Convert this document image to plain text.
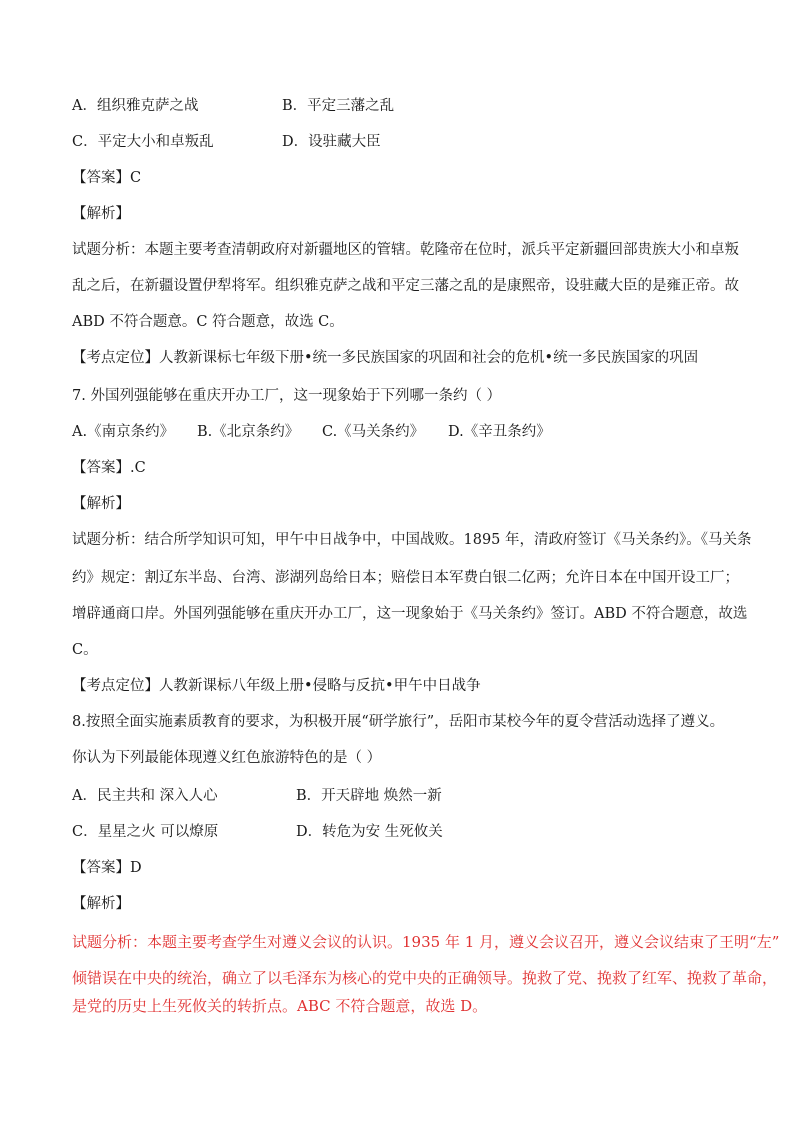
A．组织雅克萨之战	B．平定三藩之乱
C．平定大小和卓叛乱	D．设驻藏大臣
【答案】C
【解析】
试题分析：本题主要考查清朝政府对新疆地区的管辖。乾隆帝在位时，派兵平定新疆回部贵族大小和卓叛
乱之后，在新疆设置伊犁将军。组织雅克萨之战和平定三藩之乱的是康熙帝，设驻藏大臣的是雍正帝。故
ABD 不符合题意。C 符合题意，故选 C。
【考点定位】人教新课标七年级下册•统一多民族国家的巩固和社会的危机•统一多民族国家的巩固
7. 外国列强能够在重庆开办工厂，这一现象始于下列哪一条约（ ）
A.《南京条约》 B.《北京条约》 C.《马关条约》 D.《辛丑条约》
【答案】.C
【解析】
试题分析：结合所学知识可知，甲午中日战争中，中国战败。1895 年，清政府签订《马关条约》。《马关条
约》规定：割辽东半岛、台湾、澎湖列岛给日本；赔偿日本军费白银二亿两；允许日本在中国开设工厂；
增辟通商口岸。外国列强能够在重庆开办工厂，这一现象始于《马关条约》签订。ABD 不符合题意，故选
C。
【考点定位】人教新课标八年级上册•侵略与反抗•甲午中日战争
8.按照全面实施素质教育的要求，为积极开展“研学旅行”，岳阳市某校今年的夏令营活动选择了遵义。
你认为下列最能体现遵义红色旅游特色的是（ ）
A．民主共和 深入人心	B．开天辟地 焕然一新
C．星星之火 可以燎原	D．转危为安 生死攸关
【答案】D
【解析】
试题分析：本题主要考查学生对遵义会议的认识。1935 年 1 月，遵义会议召开，遵义会议结束了王明“左”
倾错误在中央的统治，确立了以毛泽东为核心的党中央的正确领导。挽救了党、挽救了红军、挽救了革命，
是党的历史上生死攸关的转折点。ABC 不符合题意，故选 D。
